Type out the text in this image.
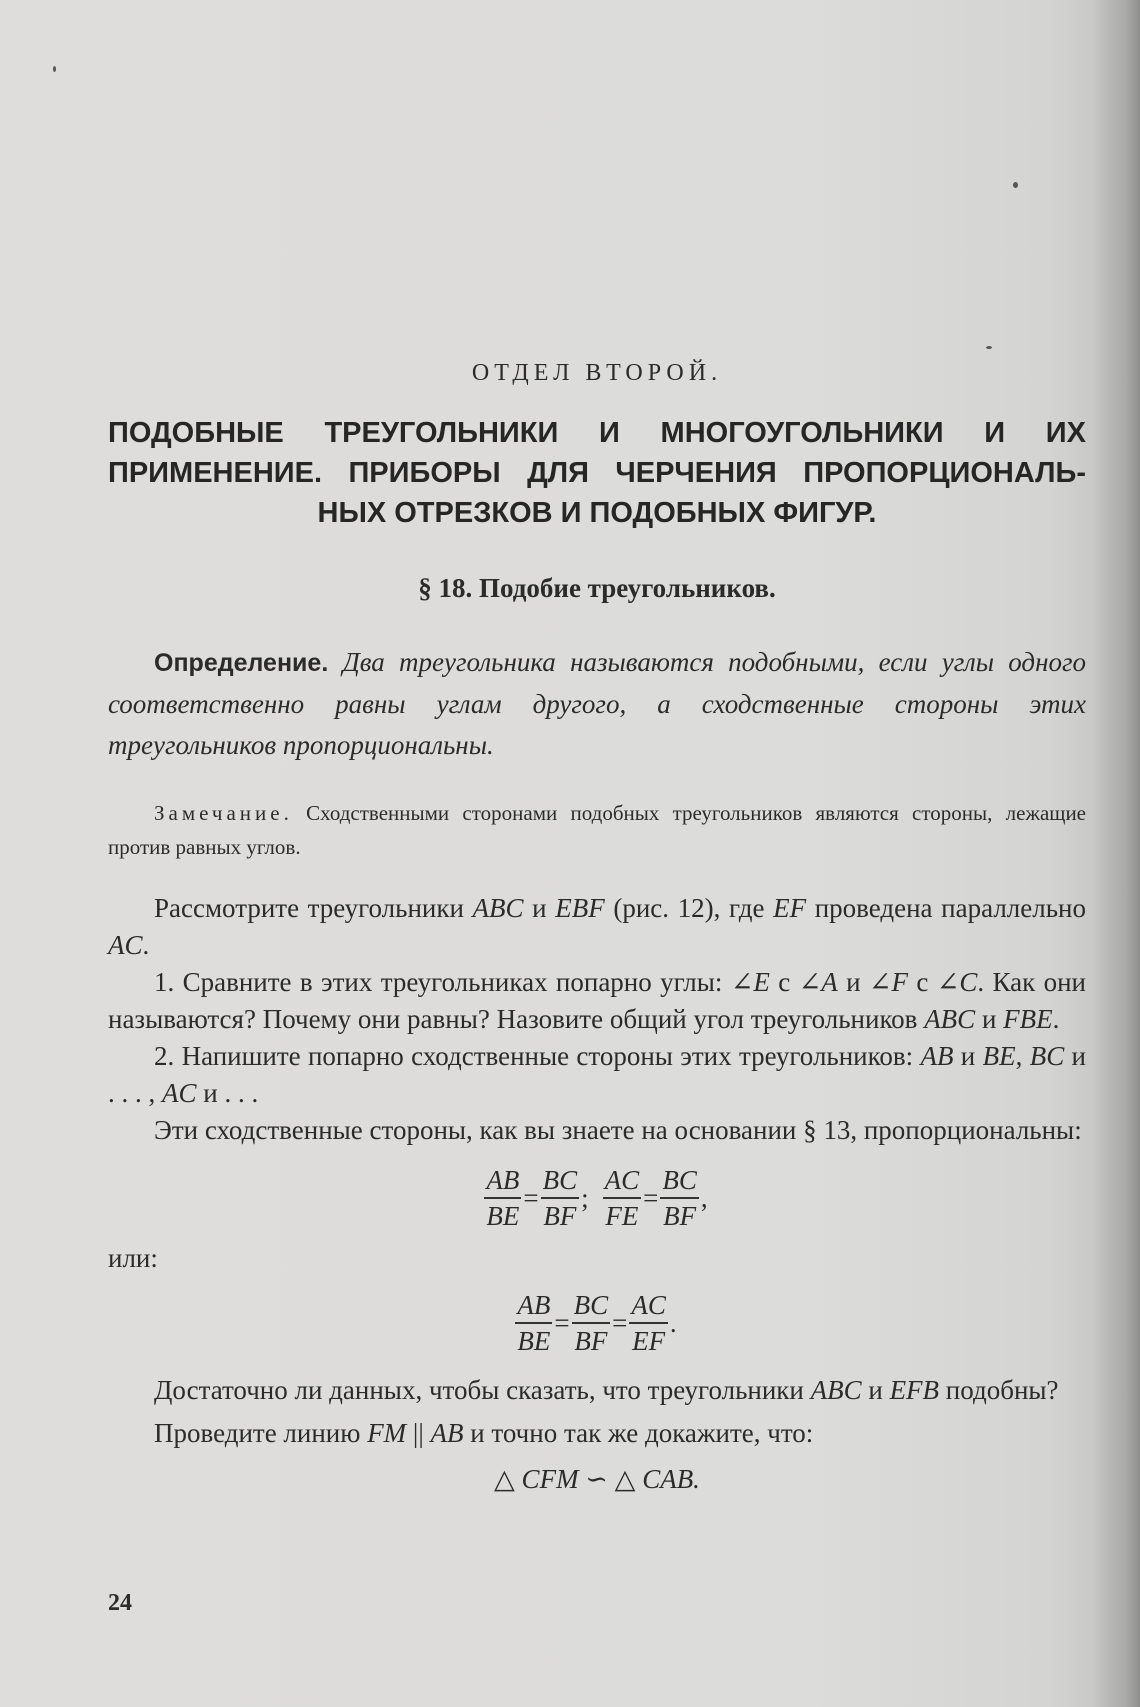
ОТДЕЛ ВТОРОЙ.
ПОДОБНЫЕ ТРЕУГОЛЬНИКИ И МНОГОУГОЛЬНИКИ И ИХ
ПРИМЕНЕНИЕ. ПРИБОРЫ ДЛЯ ЧЕРЧЕНИЯ ПРОПОРЦИОНАЛЬ-
НЫХ ОТРЕЗКОВ И ПОДОБНЫХ ФИГУР.
§ 18. Подобие треугольников.
Определение. Два треугольника называются подобными, если углы одного соответственно равны углам другого, а сходственные стороны этих треугольников пропорциональны.
Замечание. Сходственными сторонами подобных треугольников являются стороны, лежащие против равных углов.

Рассмотрите треугольники ABC и EBF (рис. 12), где EF проведена параллельно AC.

1. Сравните в этих треугольниках попарно углы: ∠E с ∠A и ∠F с ∠C. Как они называются? Почему они равны? Назовите общий угол треугольников ABC и FBE.

2. Напишите попарно сходственные стороны этих треугольников: AB и BE, BC и . . . , AC и . . .

Эти сходственные стороны, как вы знаете на основании § 13, пропорциональны:

$\frac{AB}{BE} = \frac{BC}{BF}$ ; $\frac{AC}{FE} = \frac{BC}{BF}$ ,
или:
$\frac{AB}{BE} = \frac{BC}{BF} = \frac{AC}{EF}$ .

Достаточно ли данных, чтобы сказать, что треугольники ABC и EFB подобны?

Проведите линию FM || AB и точно так же докажите, что:

△ CFM ∽ △ CAB.
24
